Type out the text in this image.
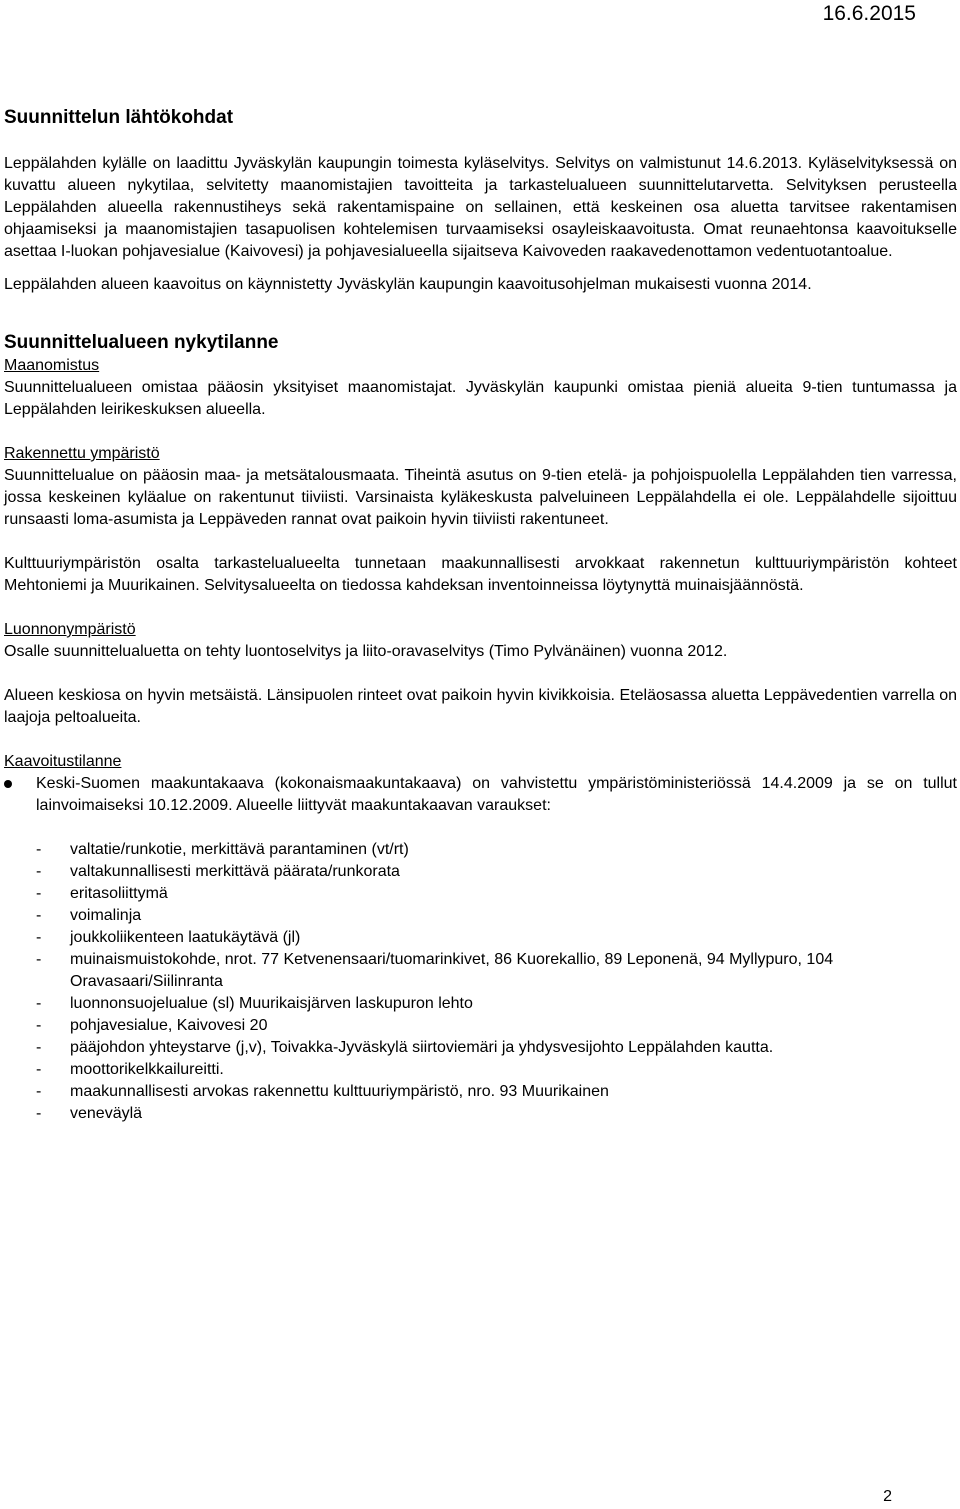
16.6.2015
Suunnittelun lähtökohdat

Leppälahden kylälle on laadittu Jyväskylän kaupungin toimesta kyläselvitys. Selvitys on valmistunut 14.6.2013. Kyläselvityksessä on kuvattu alueen nykytilaa, selvitetty maanomistajien tavoitteita ja tarkastelualueen suunnittelutarvetta. Selvityksen perusteella Leppälahden alueella rakennustiheys sekä rakentamispaine on sellainen, että keskeinen osa aluetta tarvitsee rakentamisen ohjaamiseksi ja maanomistajien tasapuolisen kohtelemisen turvaamiseksi osayleiskaavoitusta. Omat reunaehtonsa kaavoitukselle asettaa I-luokan pohjavesialue (Kaivovesi) ja pohjavesialueella sijaitseva Kaivoveden raakavedenottamon vedentuotantoalue.

Leppälahden alueen kaavoitus on käynnistetty Jyväskylän kaupungin kaavoitusohjelman mukaisesti vuonna 2014.

Suunnittelualueen nykytilanne
Maanomistus

Suunnittelualueen omistaa pääosin yksityiset maanomistajat. Jyväskylän kaupunki omistaa pieniä alueita 9-tien tuntumassa ja Leppälahden leirikeskuksen alueella.

Rakennettu ympäristö

Suunnittelualue on pääosin maa- ja metsätalousmaata. Tiheintä asutus on 9-tien etelä- ja pohjoispuolella Leppälahden tien varressa, jossa keskeinen kyläalue on rakentunut tiiviisti. Varsinaista kyläkeskusta palveluineen Leppälahdella ei ole. Leppälahdelle sijoittuu runsaasti loma-asumista ja Leppäveden rannat ovat paikoin hyvin tiiviisti rakentuneet.

Kulttuuriympäristön osalta tarkastelualueelta tunnetaan maakunnallisesti arvokkaat rakennetun kulttuuriympäristön kohteet Mehtoniemi ja Muurikainen. Selvitysalueelta on tiedossa kahdeksan inventoinneissa löytynyttä muinaisjäännöstä.

Luonnonympäristö

Osalle suunnittelualuetta on tehty luontoselvitys ja liito-oravaselvitys (Timo Pylvänäinen) vuonna 2012.

Alueen keskiosa on hyvin metsäistä. Länsipuolen rinteet ovat paikoin hyvin kivikkoisia. Eteläosassa aluetta Leppävedentien varrella on laajoja peltoalueita.

Kaavoitustilanne
Keski-Suomen maakuntakaava (kokonaismaakuntakaava) on vahvistettu ympäristöministeriössä 14.4.2009 ja se on tullut lainvoimaiseksi 10.12.2009. Alueelle liittyvät maakuntakaavan varaukset:
- valtatie/runkotie, merkittävä parantaminen (vt/rt)
- valtakunnallisesti merkittävä päärata/runkorata
- eritasoliittymä
- voimalinja
- joukkoliikenteen laatukäytävä (jl)
- muinaismuistokohde, nrot. 77 Ketvenensaari/tuomarinkivet, 86 Kuorekallio, 89 Leponenä, 94 Myllypuro, 104 Oravasaari/Siilinranta
- luonnonsuojelualue (sl) Muurikaisjärven laskupuron lehto
- pohjavesialue, Kaivovesi 20
- pääjohdon yhteystarve (j,v), Toivakka-Jyväskylä siirtoviemäri ja yhdysvesijohto Leppälahden kautta.
- moottorikelkkailureitti.
- maakunnallisesti arvokas rakennettu kulttuuriympäristö, nro. 93 Muurikainen
- veneväylä
2
